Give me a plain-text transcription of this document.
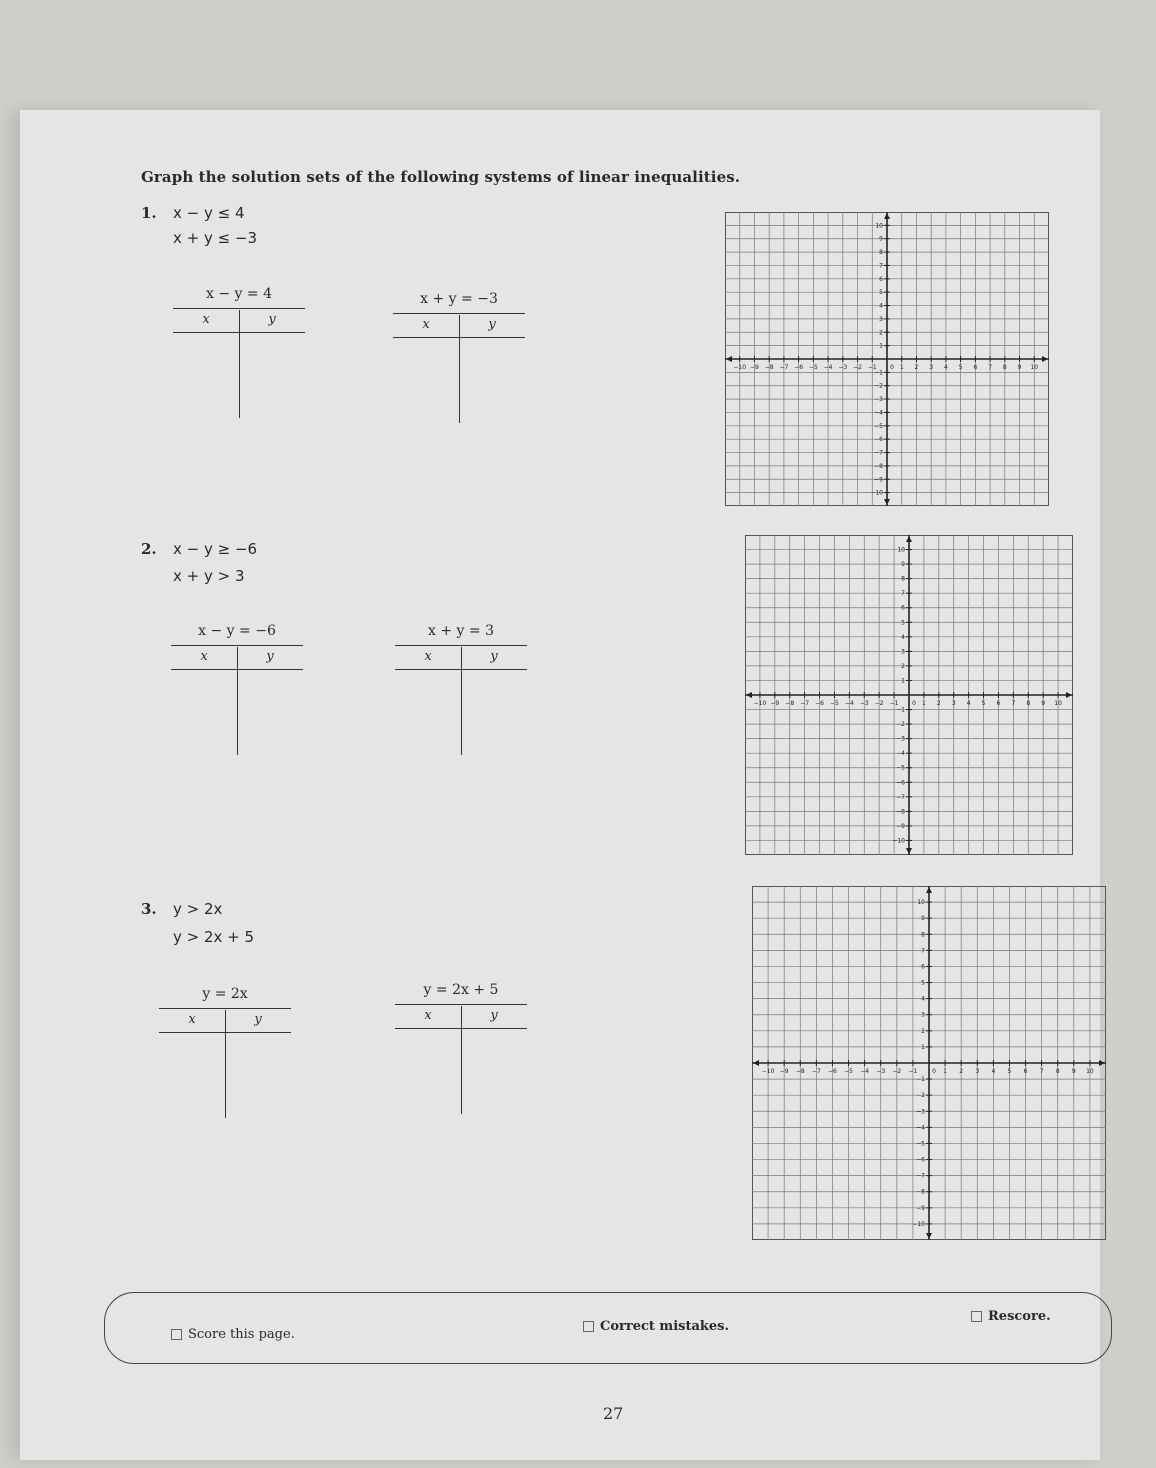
Graph the solution sets of the following systems of linear inequalities.
1. x − y ≤ 4
x + y ≤ −3
x − y = 4
x	y
x + y = −3
x	y
−10 −9 −8 −7 −6 −5 −4 −3 −2 −1 0 1 2 3 4 5 6 7 8 9 10
10
9
8
7
6
5
4
3
2
1
−1
−2
−3
−4
−5
−6
−7
−8
−9
−10
2. x − y ≥ −6
x + y > 3
x − y = −6
x	y
x + y = 3
x	y
−10 −9 −8 −7 −6 −5 −4 −3 −2 −1 0 1 2 3 4 5 6 7 8 9 10
10
9
8
7
6
5
4
3
2
1
−1
−2
−3
−4
−5
−6
−7
−8
−9
−10
3. y > 2x
y > 2x + 5
y = 2x
x	y
y = 2x + 5
x	y
−10 −9 −8 −7 −6 −5 −4 −3 −2 −1 0 1 2 3 4 5 6 7 8 9 10
10
9
8
7
6
5
4
3
2
1
−1
−2
−3
−4
−5
−6
−7
−8
−9
−10
Score this page.
Correct mistakes.
Rescore.
27
